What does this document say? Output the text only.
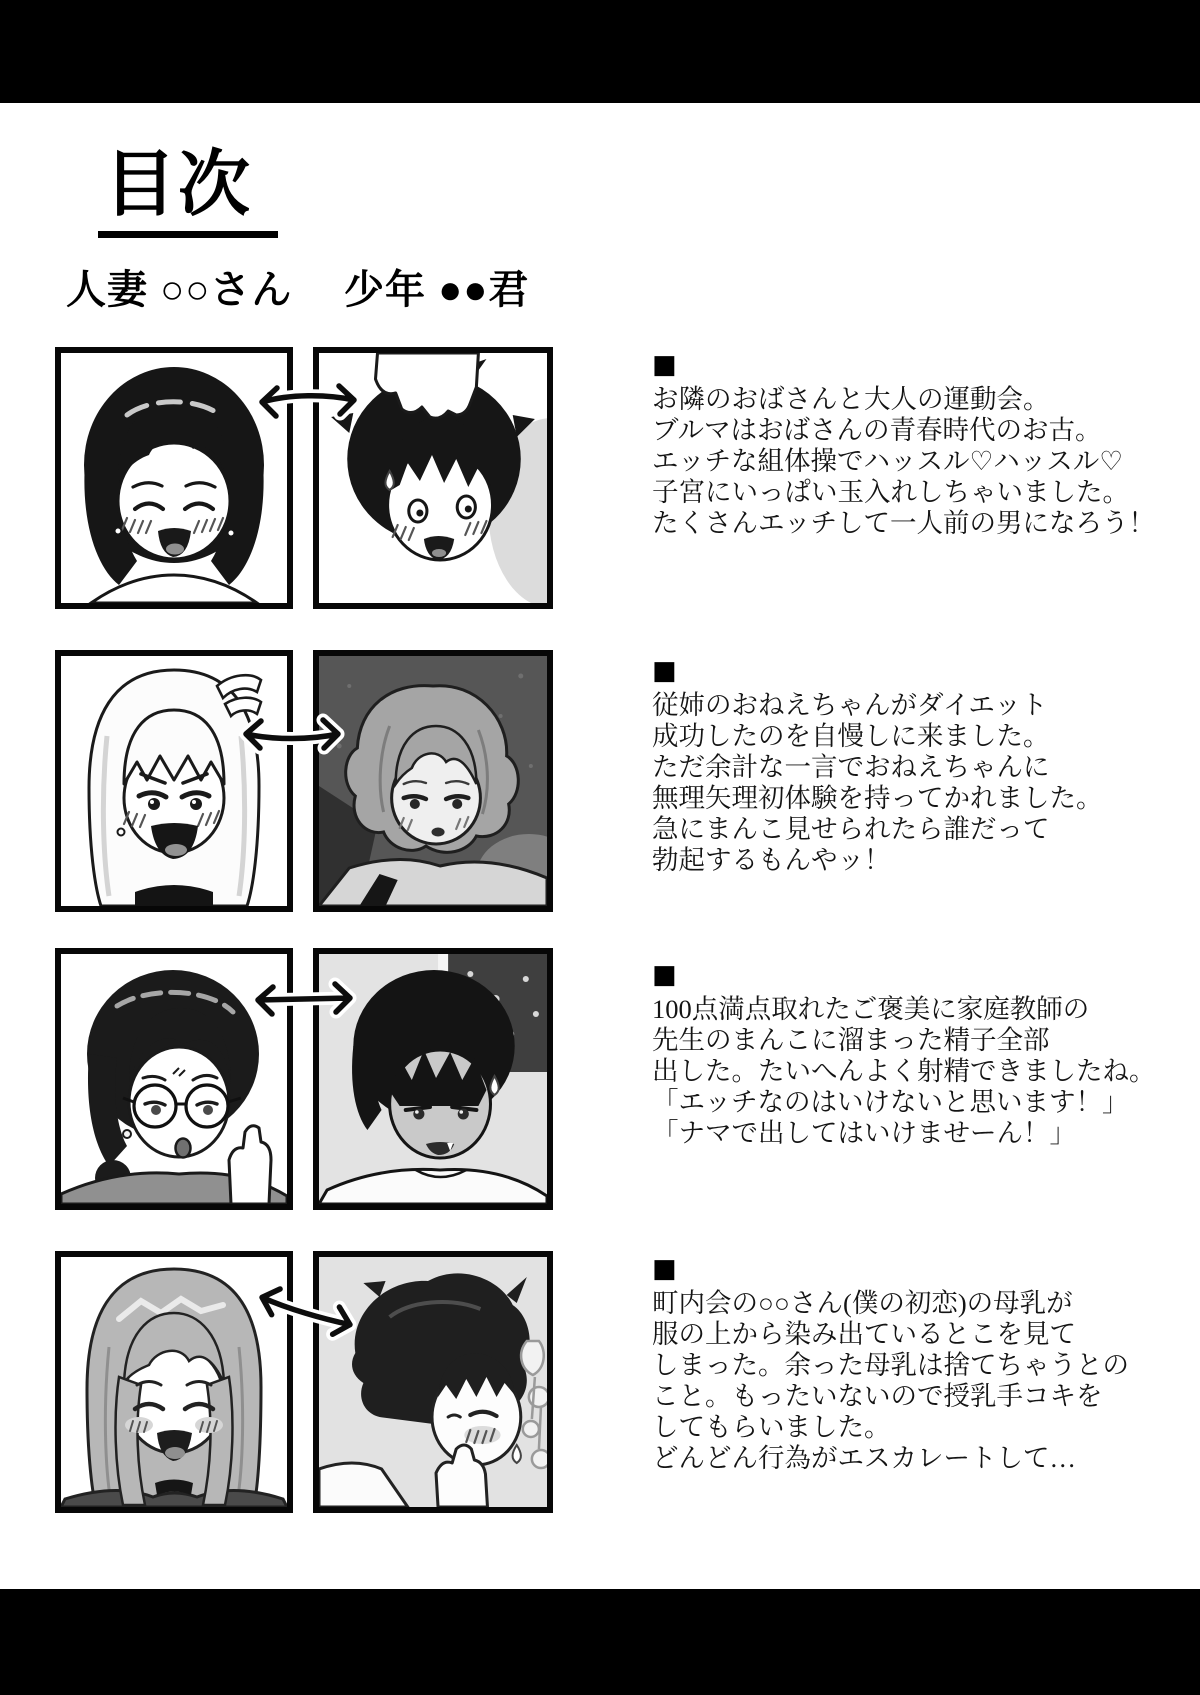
目次
人妻 ○○さん 少年 ●●君
■
お隣のおばさんと大人の運動会。
ブルマはおばさんの青春時代のお古。
エッチな組体操でハッスル♡ハッスル♡
子宮にいっぱい玉入れしちゃいました。
たくさんエッチして一人前の男になろう！
■
従姉のおねえちゃんがダイエット
成功したのを自慢しに来ました。
ただ余計な一言でおねえちゃんに
無理矢理初体験を持ってかれました。
急にまんこ見せられたら誰だって
勃起するもんやッ！
■
100点満点取れたご褒美に家庭教師の
先生のまんこに溜まった精子全部
出した。たいへんよく射精できましたね。
「エッチなのはいけないと思います！」
「ナマで出してはいけませーん！」
■
町内会の○○さん(僕の初恋)の母乳が
服の上から染み出ているとこを見て
しまった。余った母乳は捨てちゃうとの
こと。もったいないので授乳手コキを
してもらいました。
どんどん行為がエスカレートして…
